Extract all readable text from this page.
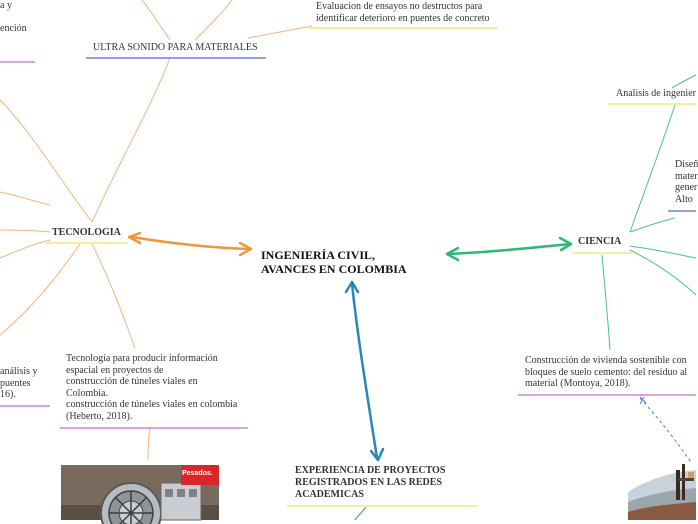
INGENIERÍA CIVIL,
AVANCES EN COLOMBIA
TECNOLOGIA
CIENCIA
EXPERIENCIA DE PROYECTOS
REGISTRADOS EN LAS REDES
ACADEMICAS
ULTRA SONIDO PARA MATERIALES
Evaluacion de ensayos no destructos para
identificar deterioro en puentes de concreto
Tecnología para producir información
espacial en proyectos de
construcción de túneles viales en
Colombia.
construcción de túneles viales en colombia
(Heberto, 2018).
Construcción de vivienda sostenible con
bloques de suelo cemento: del residuo al
material (Montoya, 2018).
Analisis de ingenier
Diseñ
mater
gener
Alto
a y

ención
análisis y
puentes
16).
Pesados.
